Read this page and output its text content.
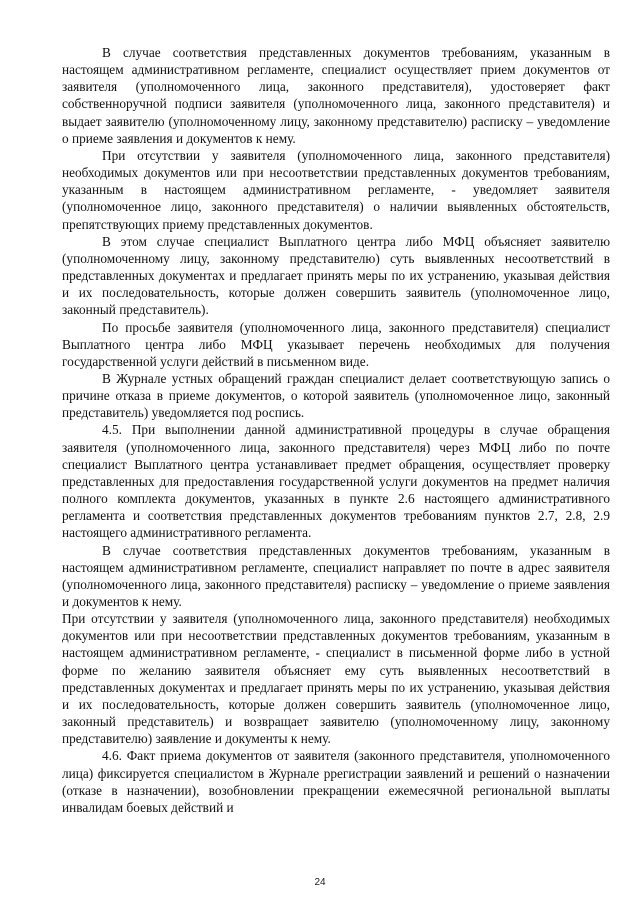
В случае соответствия представленных документов требованиям, указанным в настоящем административном регламенте, специалист осуществляет прием документов от заявителя (уполномоченного лица, законного представителя), удостоверяет факт собственноручной подписи заявителя (уполномоченного лица, законного представителя) и выдает заявителю (уполномоченному лицу, законному представителю) расписку – уведомление о приеме заявления и документов к нему.

При отсутствии у заявителя (уполномоченного лица, законного представителя) необходимых документов или при несоответствии представленных документов требованиям, указанным в настоящем административном регламенте, - уведомляет заявителя (уполномоченное лицо, законного представителя) о наличии выявленных обстоятельств, препятствующих приему представленных документов.

В этом случае специалист Выплатного центра либо МФЦ объясняет заявителю (уполномоченному лицу, законному представителю) суть выявленных несоответствий в представленных документах и предлагает принять меры по их устранению, указывая действия и их последовательность, которые должен совершить заявитель (уполномоченное лицо, законный представитель).

По просьбе заявителя (уполномоченного лица, законного представителя) специалист Выплатного центра либо МФЦ указывает перечень необходимых для получения государственной услуги действий в письменном виде.

В Журнале устных обращений граждан специалист делает соответствующую запись о причине отказа в приеме документов, о которой заявитель (уполномоченное лицо, законный представитель) уведомляется под роспись.

4.5. При выполнении данной административной процедуры в случае обращения заявителя (уполномоченного лица, законного представителя) через МФЦ либо по почте специалист Выплатного центра устанавливает предмет обращения, осуществляет проверку представленных для предоставления государственной услуги документов на предмет наличия полного комплекта документов, указанных в пункте 2.6 настоящего административного регламента и соответствия представленных документов требованиям пунктов 2.7, 2.8, 2.9 настоящего административного регламента.

В случае соответствия представленных документов требованиям, указанным в настоящем административном регламенте, специалист направляет по почте в адрес заявителя (уполномоченного лица, законного представителя) расписку – уведомление о приеме заявления и документов к нему.

При отсутствии у заявителя (уполномоченного лица, законного представителя) необходимых документов или при несоответствии представленных документов требованиям, указанным в настоящем административном регламенте, - специалист в письменной форме либо в устной форме по желанию заявителя объясняет ему суть выявленных несоответствий в представленных документах и предлагает принять меры по их устранению, указывая действия и их последовательность, которые должен совершить заявитель (уполномоченное лицо, законный представитель) и возвращает заявителю (уполномоченному лицу, законному представителю) заявление и документы к нему.

4.6. Факт приема документов от заявителя (законного представителя, уполномоченного лица) фиксируется специалистом в Журнале ррегистрации заявлений и решений о назначении (отказе в назначении), возобновлении прекращении ежемесячной региональной выплаты инвалидам боевых действий и

24
